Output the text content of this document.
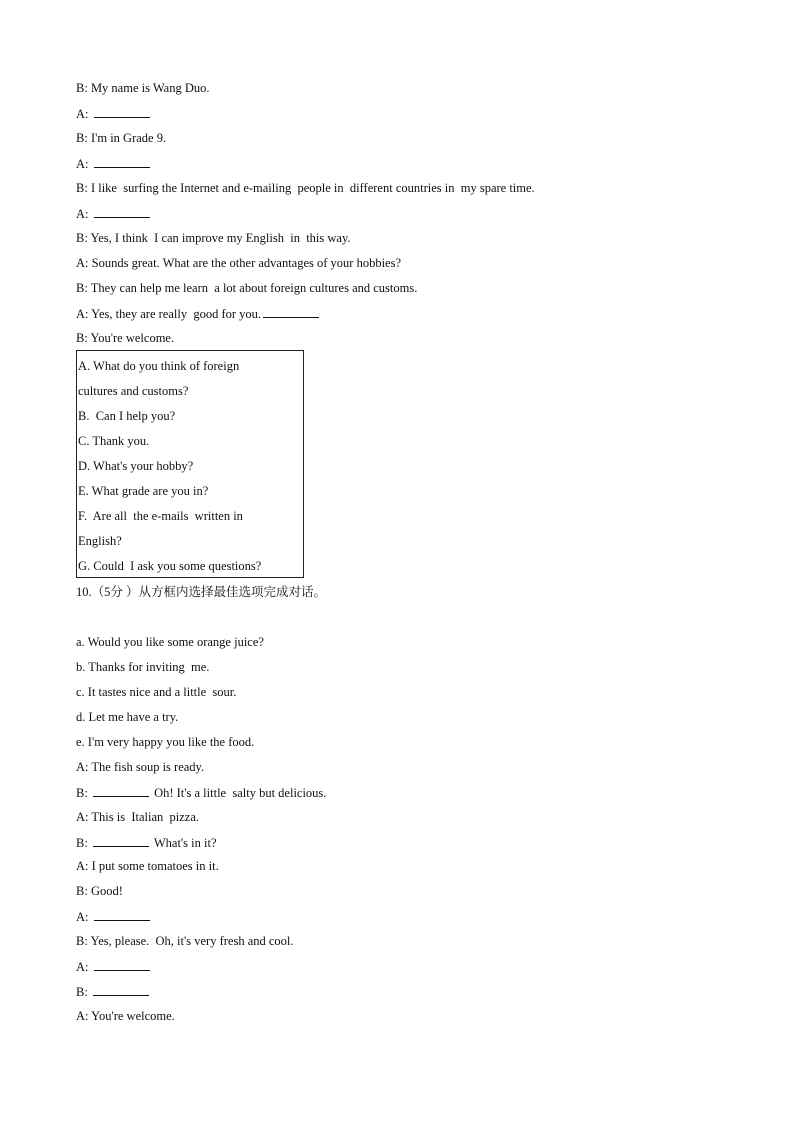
B: My name is Wang Duo.
A:
B: I'm in Grade 9.
A:
B: I like  surfing the Internet and e-mailing  people in  different countries in  my spare time.
A:
B: Yes, I think  I can improve my English  in  this way.
A: Sounds great. What are the other advantages of your hobbies?
B: They can help me learn  a lot about foreign cultures and customs.
A: Yes, they are really  good for you.
B: You're welcome.
A. What do you think of foreign
cultures and customs?
B.  Can I help you?
C. Thank you.
D. What's your hobby?
E. What grade are you in?
F.  Are all  the e-mails  written in
English?
G. Could  I ask you some questions?
10.（5分 ）从方框内选择最佳选项完成对话。
a. Would you like some orange juice?
b. Thanks for inviting  me.
c. It tastes nice and a little  sour.
d. Let me have a try.
e. I'm very happy you like the food.
A: The fish soup is ready.
B:	Oh! It's a little  salty but delicious.
A: This is  Italian  pizza.
B:	What's in it?
A: I put some tomatoes in it.
B: Good!
A:
B: Yes, please.  Oh, it's very fresh and cool.
A:
B:
A: You're welcome.
